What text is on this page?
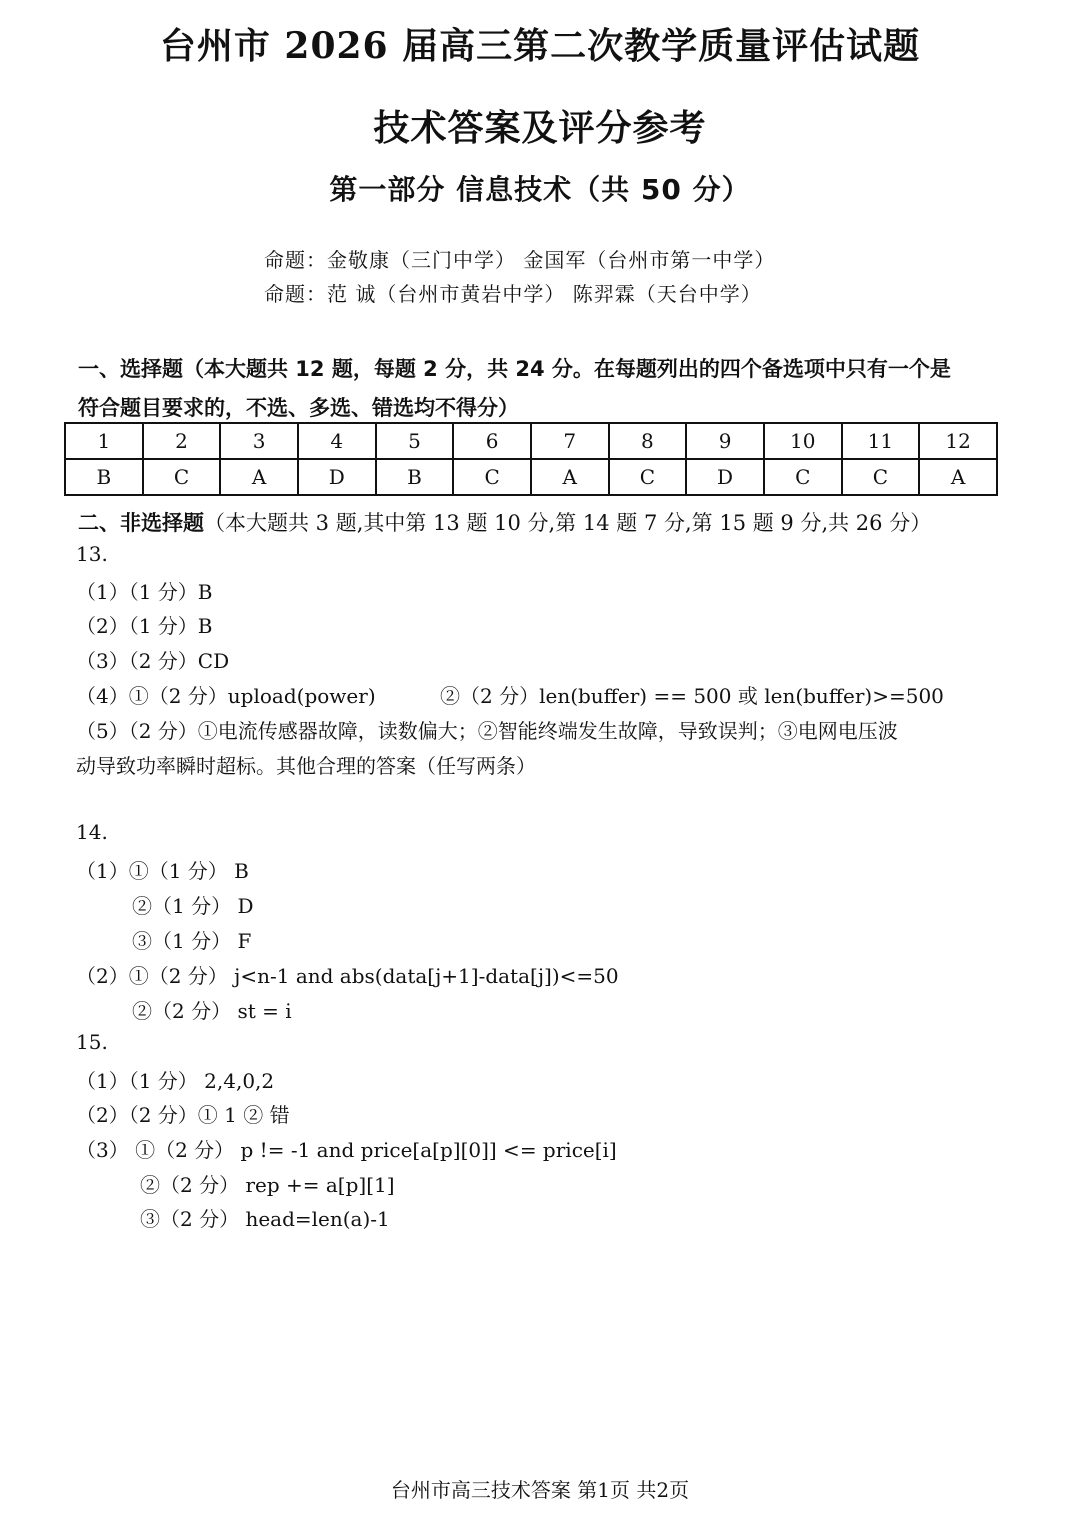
台州市 2026 届高三第二次教学质量评估试题
技术答案及评分参考
第一部分 信息技术（共 50 分）
命题：金敬康（三门中学） 金国军（台州市第一中学）
命题：范 诚（台州市黄岩中学） 陈羿霖（天台中学）
一、选择题（本大题共 12 题，每题 2 分，共 24 分。在每题列出的四个备选项中只有一个是
符合题目要求的，不选、多选、错选均不得分）
1	2	3	4	5	6	7	8	9	10	11	12
B	C	A	D	B	C	A	C	D	C	C	A
二、非选择题（本大题共 3 题,其中第 13 题 10 分,第 14 题 7 分,第 15 题 9 分,共 26 分）
13.
（1）（1 分）B
（2）（1 分）B
（3）（2 分）CD
（4）①（2 分）upload(power)	②（2 分）len(buffer) == 500 或 len(buffer)>=500
（5）（2 分）①电流传感器故障，读数偏大；②智能终端发生故障，导致误判；③电网电压波
动导致功率瞬时超标。其他合理的答案（任写两条）
14.
（1）①（1 分） B
②（1 分） D
③（1 分） F
（2）①（2 分） j<n-1 and abs(data[j+1]-data[j])<=50
②（2 分） st = i
15.
（1）（1 分） 2,4,0,2
（2）（2 分）① 1 ② 错
（3） ①（2 分） p != -1 and price[a[p][0]] <= price[i]
②（2 分） rep += a[p][1]
③（2 分） head=len(a)-1
台州市高三技术答案 第1页 共2页
